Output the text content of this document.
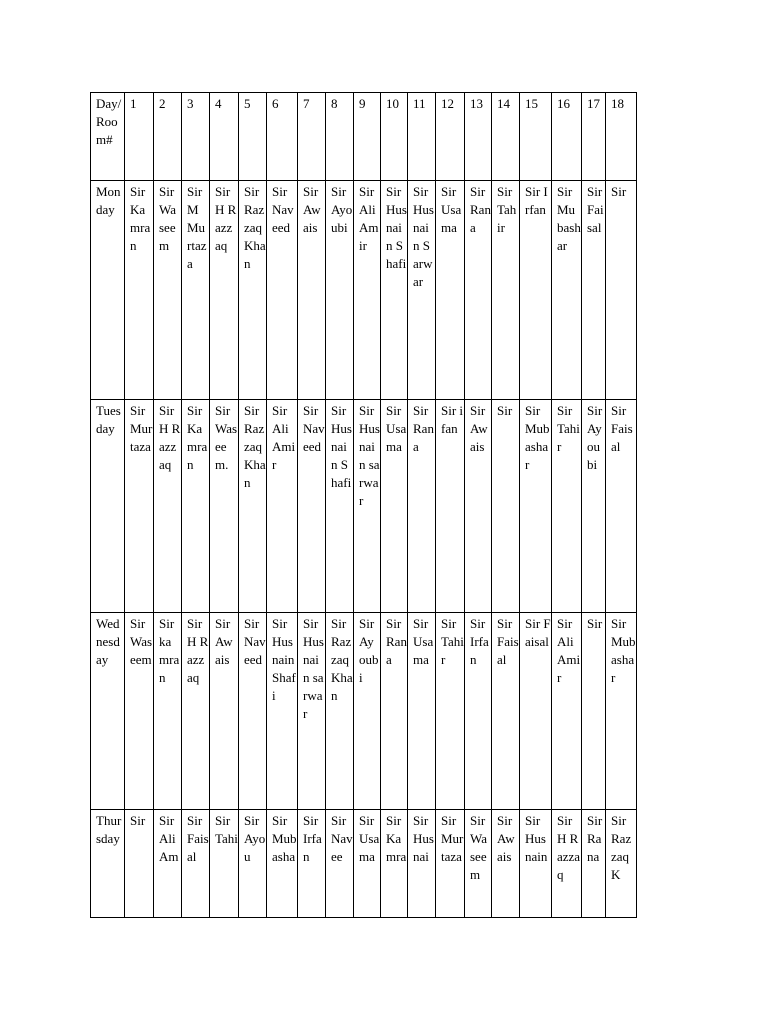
Day/Room#	1	2	3	4	5	6	7	8	9	10	11	12	13	14	15	16	17	18
Monday	Sir Kamran	Sir Waseem	Sir M Murtaza	Sir H Razzaq	Sir Razzaq Khan	Sir Naveed	Sir Awais	Sir Ayoubi	Sir Ali Amir	Sir Husnain Shafi	Sir Husnain Sarwar	Sir Usama	Sir Rana	Sir Tahir	Sir Irfan	Sir Mubashar	Sir Faisal	Sir
Tuesday	Sir Murtaza	Sir H Razzaq	Sir Kamran	Sir Waseem.	Sir Razzaq Khan	Sir Ali Amir	Sir Naveed	Sir Husnain Shafi	Sir Husnain sarwar	Sir Usama	Sir Rana	Sir ifan	Sir Awais	Sir	Sir Mubashar	Sir Tahir	Sir Ayoubi	Sir Faisal
Wednesday	Sir Waseem	Sir kamran	Sir H Razzaq	Sir Awais	Sir Naveed	Sir Husnain Shafi	Sir Husnain sarwar	Sir Razzaq Khan	Sir Ayoubi	Sir Rana	Sir Usama	Sir Tahir	Sir Irfan	Sir Faisal	Sir Faisal	Sir Ali Amir	Sir	Sir Mubashar
Thursday	Sir	Sir Ali Am	Sir Faisal	Sir Tahi	Sir Ayou	Sir Mubasha	Sir Irfan	Sir Navee	Sir Usama	Sir Kamra	Sir Husnai	Sir Murtaza	Sir Waseem	Sir Awais	Sir Husnain	Sir H Razzaq	Sir Rana	Sir RazzaqK
